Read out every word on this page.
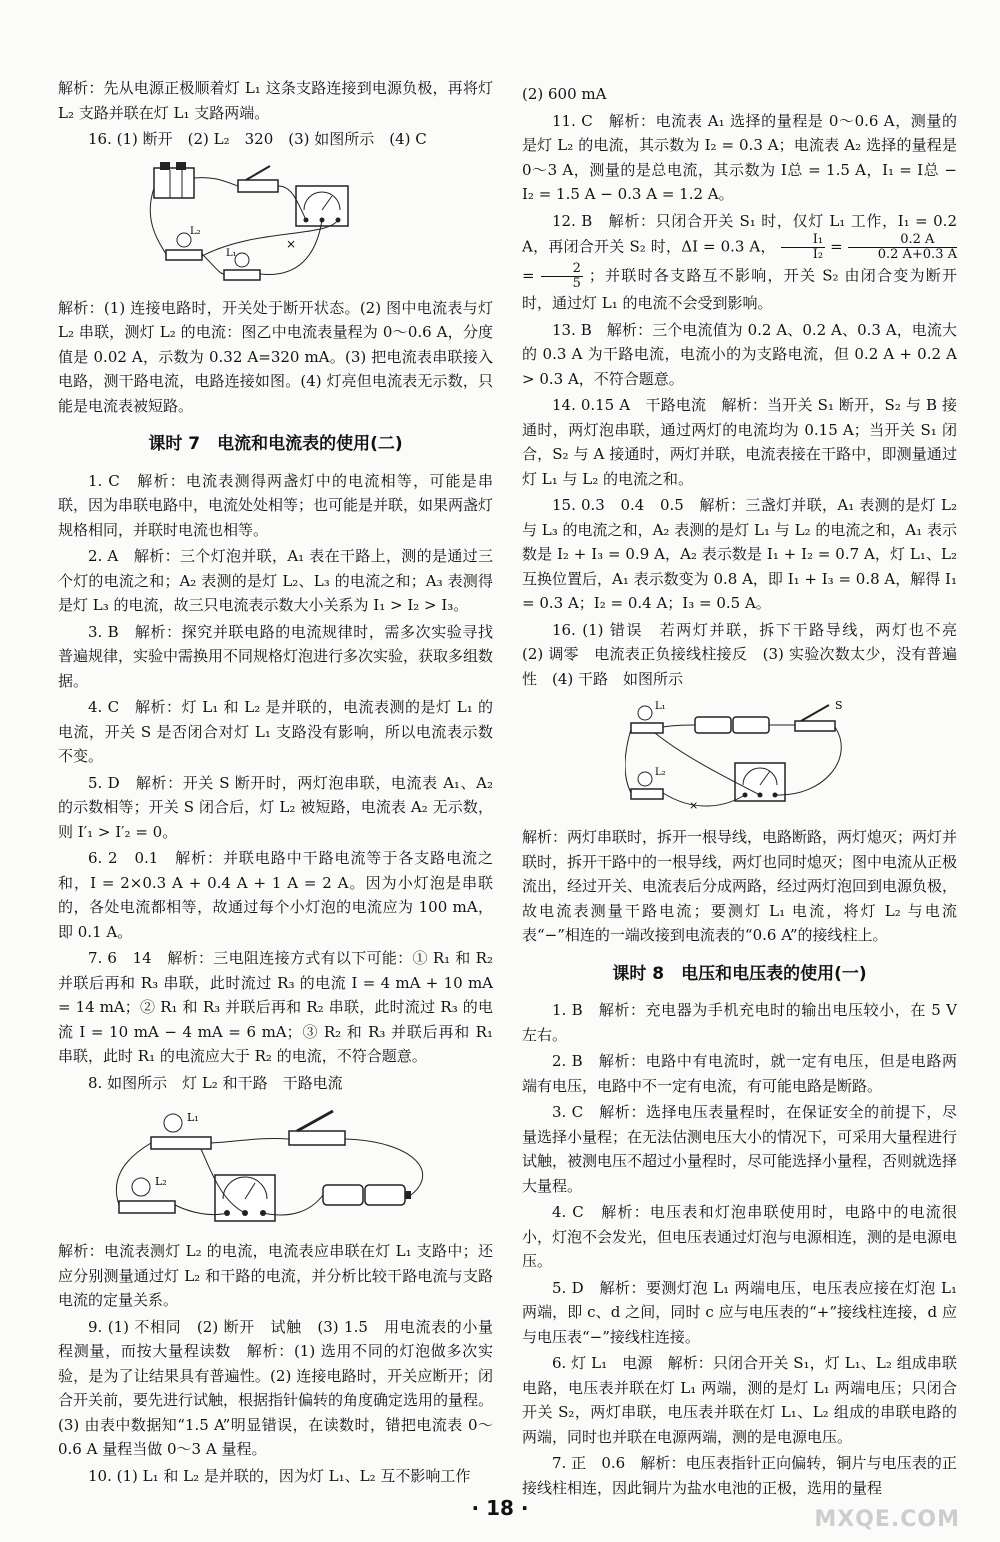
解析：先从电源正极顺着灯 L₁ 这条支路连接到电源负极，再将灯 L₂ 支路并联在灯 L₁ 支路两端。

16. (1) 断开　(2) L₂　320　(3) 如图所示　(4) C

L₂
L₁
×

解析：(1) 连接电路时，开关处于断开状态。(2) 图中电流表与灯 L₂ 串联，测灯 L₂ 的电流：图乙中电流表量程为 0～0.6 A，分度值是 0.02 A，示数为 0.32 A=320 mA。(3) 把电流表串联接入电路，测干路电流，电路连接如图。(4) 灯亮但电流表无示数，只能是电流表被短路。

课时 7　电流和电流表的使用(二)

1. C　解析：电流表测得两盏灯中的电流相等，可能是串联，因为串联电路中，电流处处相等；也可能是并联，如果两盏灯规格相同，并联时电流也相等。

2. A　解析：三个灯泡并联，A₁ 表在干路上，测的是通过三个灯的电流之和；A₂ 表测的是灯 L₂、L₃ 的电流之和；A₃ 表测得是灯 L₃ 的电流，故三只电流表示数大小关系为 I₁ > I₂ > I₃。

3. B　解析：探究并联电路的电流规律时，需多次实验寻找普遍规律，实验中需换用不同规格灯泡进行多次实验，获取多组数据。

4. C　解析：灯 L₁ 和 L₂ 是并联的，电流表测的是灯 L₁ 的电流，开关 S 是否闭合对灯 L₁ 支路没有影响，所以电流表示数不变。

5. D　解析：开关 S 断开时，两灯泡串联，电流表 A₁、A₂ 的示数相等；开关 S 闭合后，灯 L₂ 被短路，电流表 A₂ 无示数，则 I′₁ > I′₂ = 0。

6. 2　0.1　解析：并联电路中干路电流等于各支路电流之和，I = 2×0.3 A + 0.4 A + 1 A = 2 A。因为小灯泡是串联的，各处电流都相等，故通过每个小灯泡的电流应为 100 mA，即 0.1 A。

7. 6　14　解析：三电阻连接方式有以下可能：① R₁ 和 R₂ 并联后再和 R₃ 串联，此时流过 R₃ 的电流 I = 4 mA + 10 mA = 14 mA；② R₁ 和 R₃ 并联后再和 R₂ 串联，此时流过 R₃ 的电流 I = 10 mA − 4 mA = 6 mA；③ R₂ 和 R₃ 并联后再和 R₁ 串联，此时 R₁ 的电流应大于 R₂ 的电流，不符合题意。

8. 如图所示　灯 L₂ 和干路　干路电流

L₁
L₂

解析：电流表测灯 L₂ 的电流，电流表应串联在灯 L₁ 支路中；还应分别测量通过灯 L₂ 和干路的电流，并分析比较干路电流与支路电流的定量关系。

9. (1) 不相同　(2) 断开　试触　(3) 1.5　用电流表的小量程测量，而按大量程读数　解析：(1) 选用不同的灯泡做多次实验，是为了让结果具有普遍性。(2) 连接电路时，开关应断开；闭合开关前，要先进行试触，根据指针偏转的角度确定选用的量程。(3) 由表中数据知“1.5 A”明显错误，在读数时，错把电流表 0～0.6 A 量程当做 0～3 A 量程。

10. (1) L₁ 和 L₂ 是并联的，因为灯 L₁、L₂ 互不影响工作

(2) 600 mA

11. C　解析：电流表 A₁ 选择的量程是 0～0.6 A，测量的是灯 L₂ 的电流，其示数为 I₂ = 0.3 A；电流表 A₂ 选择的量程是 0～3 A，测量的是总电流，其示数为 I总 = 1.5 A，I₁ = I总 − I₂ = 1.5 A − 0.3 A = 1.2 A。

12. B　解析：只闭合开关 S₁ 时，仅灯 L₁ 工作，I₁ = 0.2 A，再闭合开关 S₂ 时，ΔI = 0.3 A， $\frac{\text{I₁}}{\text{I₂}} = \frac{0.2 A}{0.2 A+0.3 A}$
= $\frac{2}{5}$ ；并联时各支路互不影响，开关 S₂ 由闭合变为断开时，通过灯 L₁ 的电流不会受到影响。

13. B　解析：三个电流值为 0.2 A、0.2 A、0.3 A，电流大的 0.3 A 为干路电流，电流小的为支路电流，但 0.2 A + 0.2 A > 0.3 A，不符合题意。

14. 0.15 A　干路电流　解析：当开关 S₁ 断开，S₂ 与 B 接通时，两灯泡串联，通过两灯的电流均为 0.15 A；当开关 S₁ 闭合，S₂ 与 A 接通时，两灯并联，电流表接在干路中，即测量通过灯 L₁ 与 L₂ 的电流之和。

15. 0.3　0.4　0.5　解析：三盏灯并联，A₁ 表测的是灯 L₂ 与 L₃ 的电流之和，A₂ 表测的是灯 L₁ 与 L₂ 的电流之和，A₁ 表示数是 I₂ + I₃ = 0.9 A，A₂ 表示数是 I₁ + I₂ = 0.7 A，灯 L₁、L₂ 互换位置后，A₁ 表示数变为 0.8 A，即 I₁ + I₃ = 0.8 A，解得 I₁ = 0.3 A；I₂ = 0.4 A；I₃ = 0.5 A。

16. (1) 错误　若两灯并联，拆下干路导线，两灯也不亮　(2) 调零　电流表正负接线柱接反　(3) 实验次数太少，没有普遍性　(4) 干路　如图所示

L₁	S
L₂
×

解析：两灯串联时，拆开一根导线，电路断路，两灯熄灭；两灯并联时，拆开干路中的一根导线，两灯也同时熄灭；图中电流从正极流出，经过开关、电流表后分成两路，经过两灯泡回到电源负极，故电流表测量干路电流；要测灯 L₁ 电流，将灯 L₂ 与电流表“−”相连的一端改接到电流表的“0.6 A”的接线柱上。

课时 8　电压和电压表的使用(一)

1. B　解析：充电器为手机充电时的输出电压较小，在 5 V 左右。

2. B　解析：电路中有电流时，就一定有电压，但是电路两端有电压，电路中不一定有电流，有可能电路是断路。

3. C　解析：选择电压表量程时，在保证安全的前提下，尽量选择小量程；在无法估测电压大小的情况下，可采用大量程进行试触，被测电压不超过小量程时，尽可能选择小量程，否则就选择大量程。

4. C　解析：电压表和灯泡串联使用时，电路中的电流很小，灯泡不会发光，但电压表通过灯泡与电源相连，测的是电源电压。

5. D　解析：要测灯泡 L₁ 两端电压，电压表应接在灯泡 L₁ 两端，即 c、d 之间，同时 c 应与电压表的“+”接线柱连接，d 应与电压表“−”接线柱连接。

6. 灯 L₁　电源　解析：只闭合开关 S₁，灯 L₁、L₂ 组成串联电路，电压表并联在灯 L₁ 两端，测的是灯 L₁ 两端电压；只闭合开关 S₂，两灯串联，电压表并联在灯 L₁、L₂ 组成的串联电路的两端，同时也并联在电源两端，测的是电源电压。

7. 正　0.6　解析：电压表指针正向偏转，铜片与电压表的正接线柱相连，因此铜片为盐水电池的正极，选用的量程

· 18 ·	MXQE.COM
